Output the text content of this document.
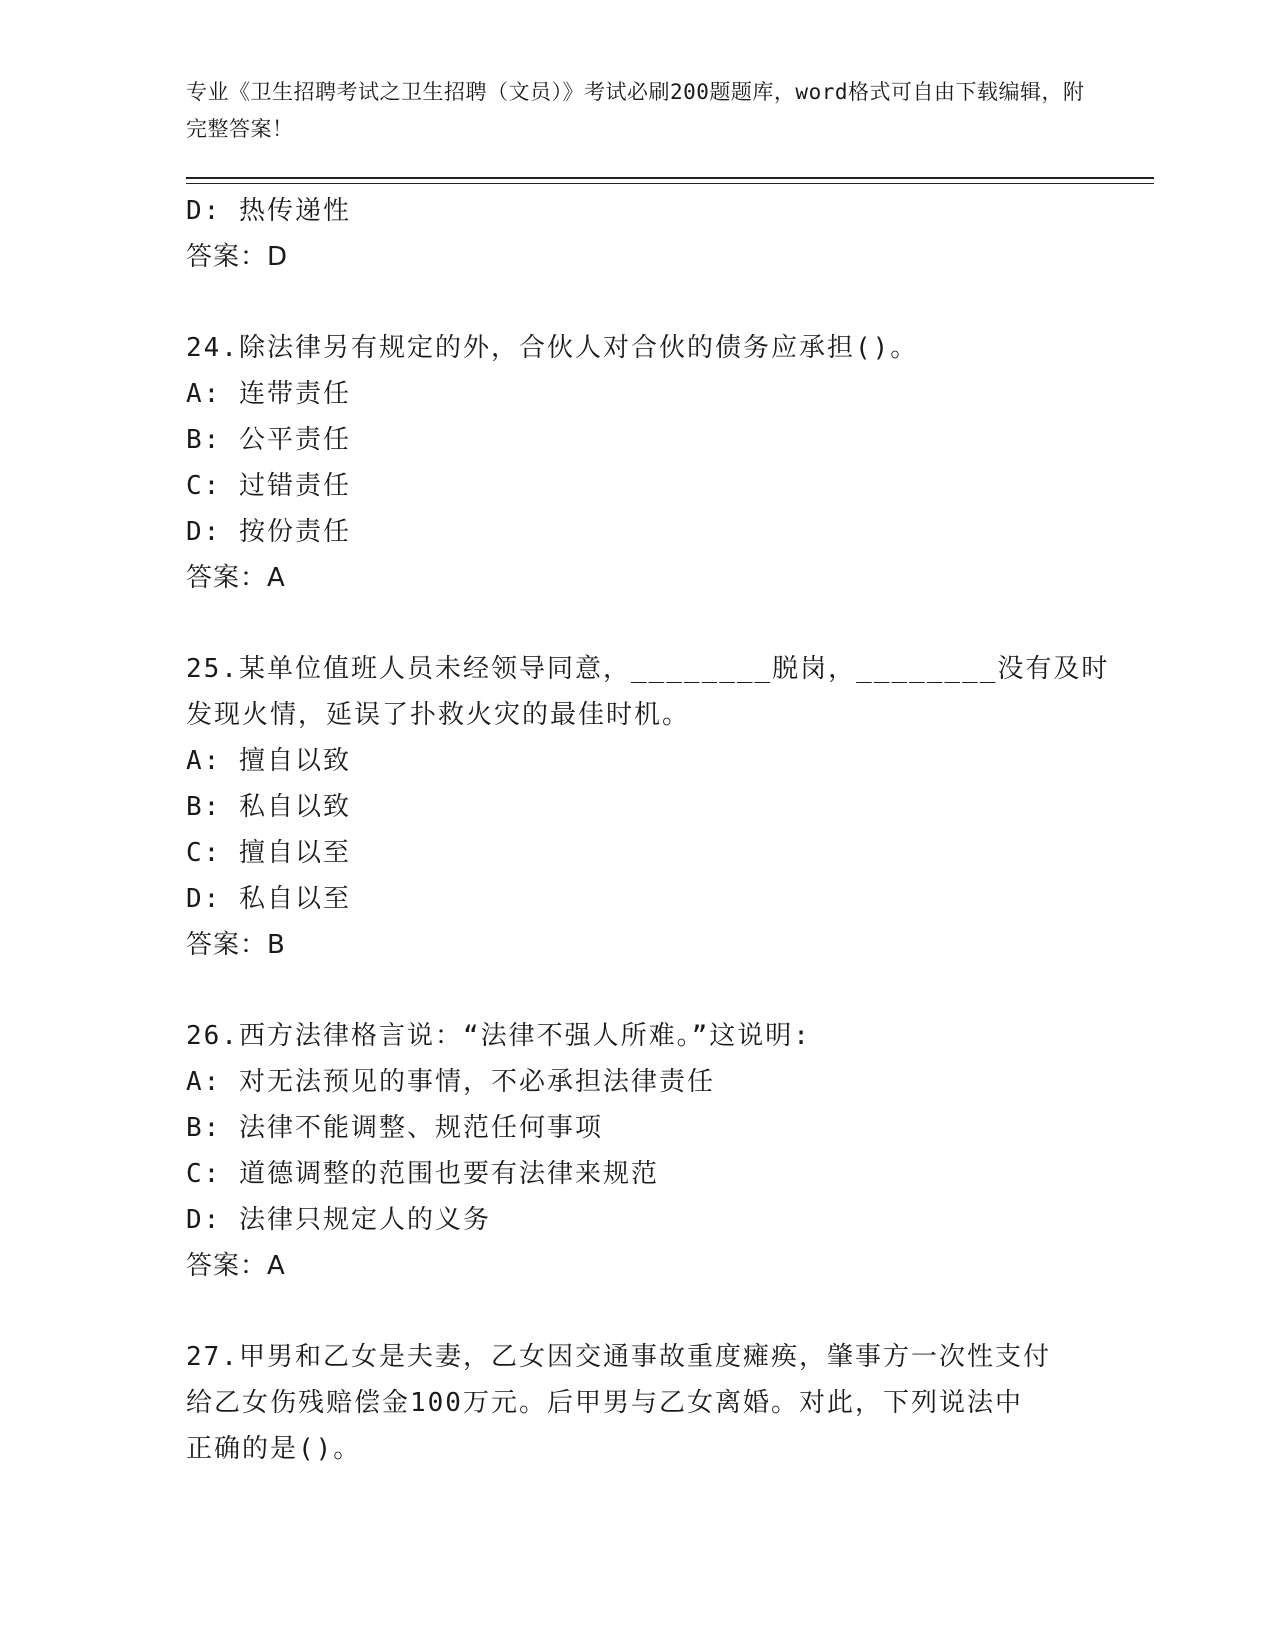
专业《卫生招聘考试之卫生招聘（文员）》考试必刷200题题库，word格式可自由下载编辑，附完整答案！
D: 热传递性
答案：D
24.除法律另有规定的外，合伙人对合伙的债务应承担()。
A: 连带责任
B: 公平责任
C: 过错责任
D: 按份责任
答案：A
25.某单位值班人员未经领导同意，________脱岗，________没有及时
发现火情，延误了扑救火灾的最佳时机。
A: 擅自以致
B: 私自以致
C: 擅自以至
D: 私自以至
答案：B
26.西方法律格言说：“法律不强人所难。”这说明:
A: 对无法预见的事情，不必承担法律责任
B: 法律不能调整、规范任何事项
C: 道德调整的范围也要有法律来规范
D: 法律只规定人的义务
答案：A
27.甲男和乙女是夫妻，乙女因交通事故重度瘫痪，肇事方一次性支付
给乙女伤残赔偿金100万元。后甲男与乙女离婚。对此，下列说法中
正确的是()。
